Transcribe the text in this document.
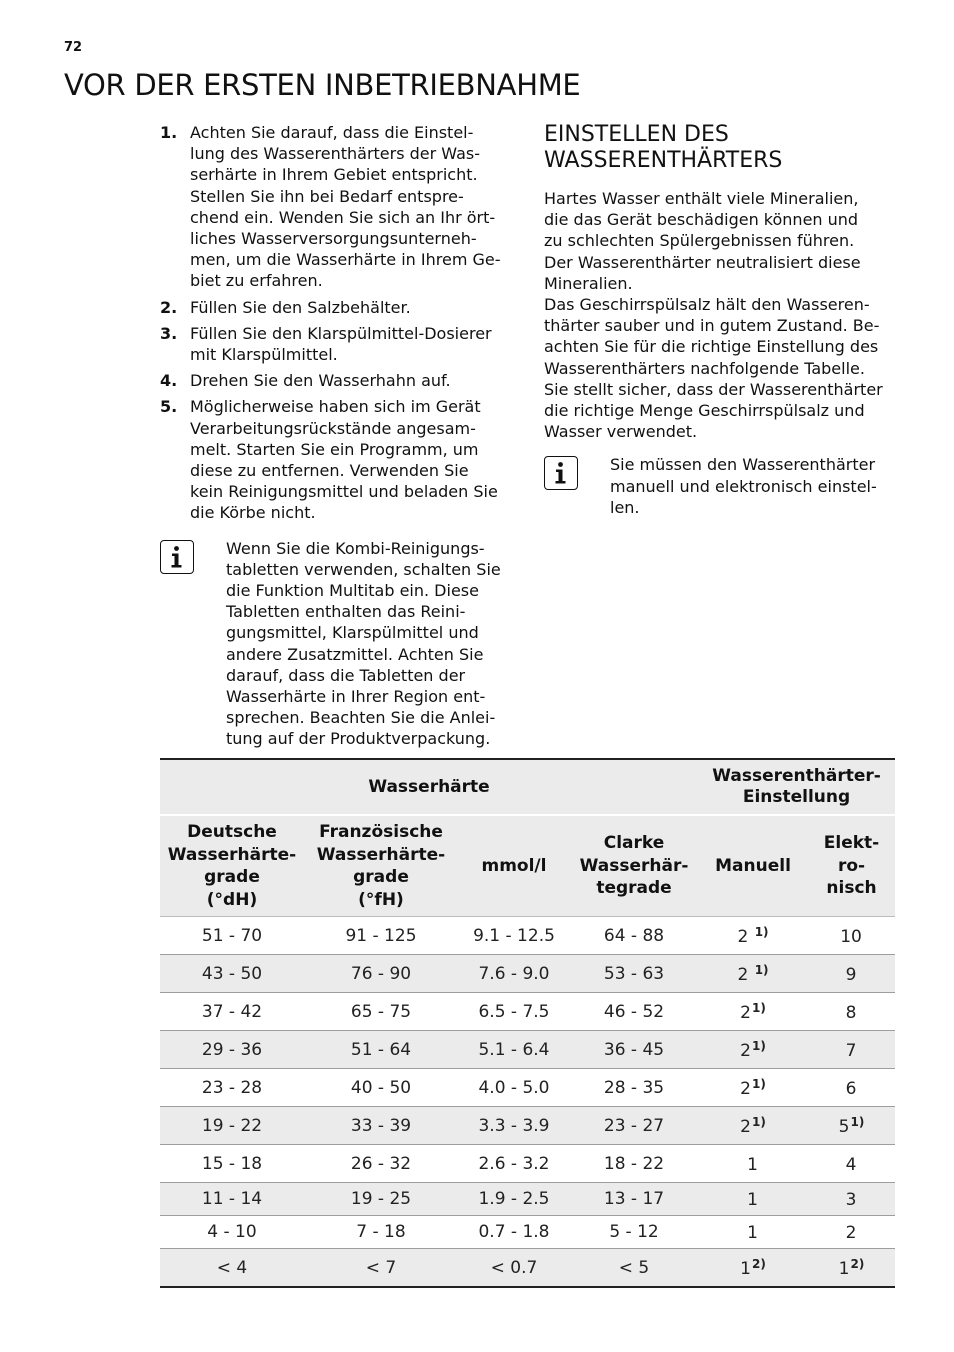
72
VOR DER ERSTEN INBETRIEBNAHME
1. Achten Sie darauf, dass die Einstel-
lung des Wasserenthärters der Was-
serhärte in Ihrem Gebiet entspricht.
Stellen Sie ihn bei Bedarf entspre-
chend ein. Wenden Sie sich an Ihr ört-
liches Wasserversorgungsunterneh-
men, um die Wasserhärte in Ihrem Ge-
biet zu erfahren.
2. Füllen Sie den Salzbehälter.
3. Füllen Sie den Klarspülmittel-Dosierer
mit Klarspülmittel.
4. Drehen Sie den Wasserhahn auf.
5. Möglicherweise haben sich im Gerät
Verarbeitungsrückstände angesam-
melt. Starten Sie ein Programm, um
diese zu entfernen. Verwenden Sie
kein Reinigungsmittel und beladen Sie
die Körbe nicht.
Wenn Sie die Kombi-Reinigungs-
tabletten verwenden, schalten Sie
die Funktion Multitab ein. Diese
Tabletten enthalten das Reini-
gungsmittel, Klarspülmittel und
andere Zusatzmittel. Achten Sie
darauf, dass die Tabletten der
Wasserhärte in Ihrer Region ent-
sprechen. Beachten Sie die Anlei-
tung auf der Produktverpackung.
EINSTELLEN DES
WASSERENTHÄRTERS

Hartes Wasser enthält viele Mineralien,
die das Gerät beschädigen können und
zu schlechten Spülergebnissen führen.
Der Wasserenthärter neutralisiert diese
Mineralien.

Das Geschirrspülsalz hält den Wasseren-
thärter sauber und in gutem Zustand. Be-
achten Sie für die richtige Einstellung des
Wasserenthärters nachfolgende Tabelle.
Sie stellt sicher, dass der Wasserenthärter
die richtige Menge Geschirrspülsalz und
Wasser verwendet.

Sie müssen den Wasserenthärter
manuell und elektronisch einstel-
len.
Wasserhärte				Wasserenthärter-
Einstellung	
Deutsche
Wasserhärte-
grade
(°dH)	Französische
Wasserhärte-
grade
(°fH)	mmol/l	Clarke
Wasserhär-
tegrade	Manuell	Elekt-
ro-
nisch
51 - 70	91 - 125	9.1 - 12.5	64 - 88	2 $^{1)}$	10
43 - 50	76 - 90	7.6 - 9.0	53 - 63	2 $^{1)}$	9
37 - 42	65 - 75	6.5 - 7.5	46 - 52	2$^{1)}$	8
29 - 36	51 - 64	5.1 - 6.4	36 - 45	2$^{1)}$	7
23 - 28	40 - 50	4.0 - 5.0	28 - 35	2$^{1)}$	6
19 - 22	33 - 39	3.3 - 3.9	23 - 27	2$^{1)}$	5$^{1)}$
15 - 18	26 - 32	2.6 - 3.2	18 - 22	1	4
11 - 14	19 - 25	1.9 - 2.5	13 - 17	1	3
4 - 10	7 - 18	0.7 - 1.8	5 - 12	1	2
< 4	< 7	< 0.7	< 5	1$^{2)}$	1$^{2)}$
